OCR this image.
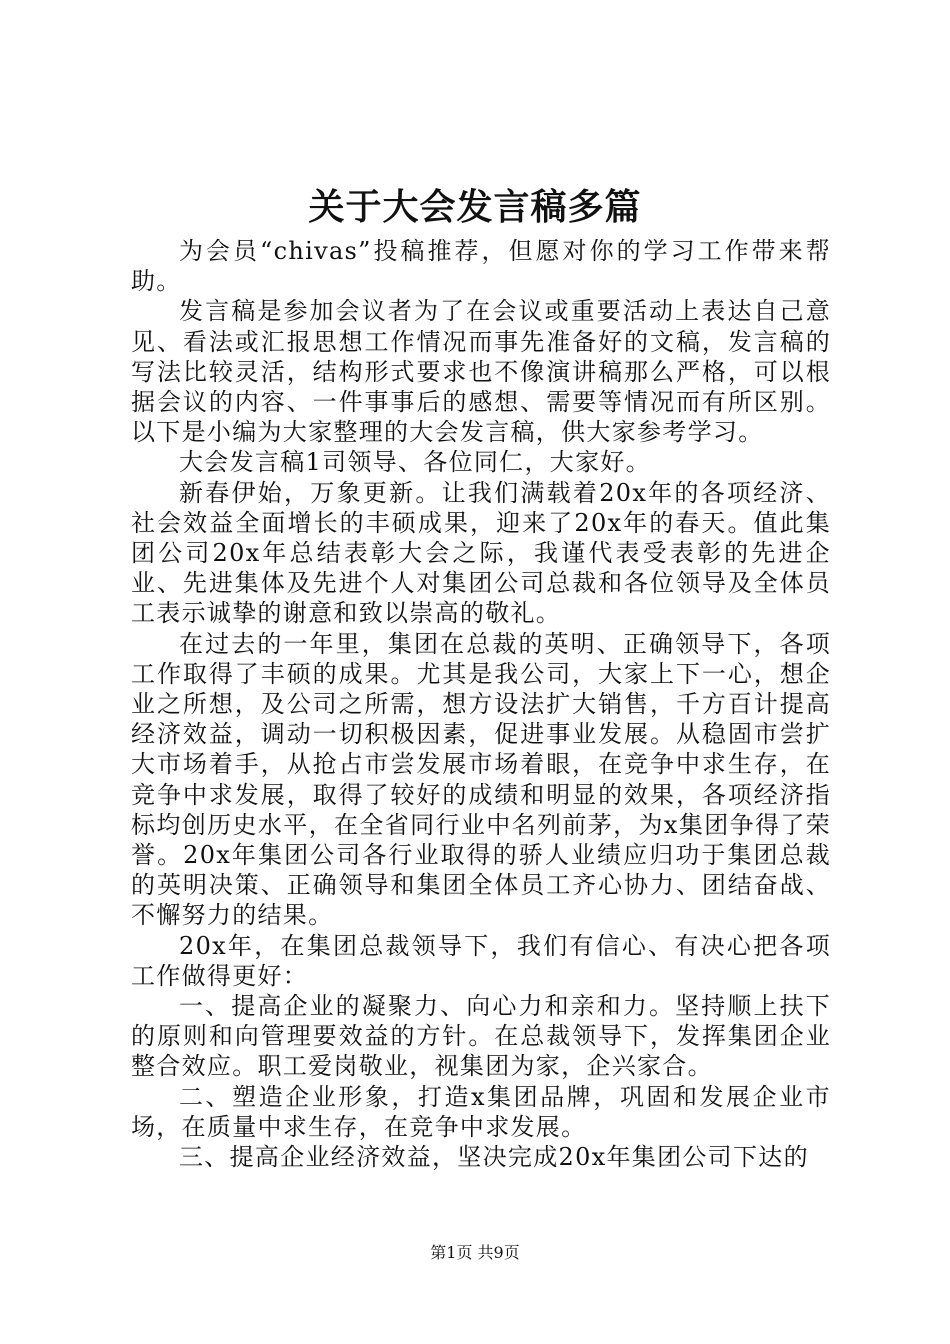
关于大会发言稿多篇

为会员“chivas”投稿推荐，但愿对你的学习工作带来帮助。

发言稿是参加会议者为了在会议或重要活动上表达自己意见、看法或汇报思想工作情况而事先准备好的文稿，发言稿的写法比较灵活，结构形式要求也不像演讲稿那么严格，可以根据会议的内容、一件事事后的感想、需要等情况而有所区别。以下是小编为大家整理的大会发言稿，供大家参考学习。

大会发言稿1司领导、各位同仁，大家好。

新春伊始，万象更新。让我们满载着20x年的各项经济、社会效益全面增长的丰硕成果，迎来了20x年的春天。值此集团公司20x年总结表彰大会之际，我谨代表受表彰的先进企业、先进集体及先进个人对集团公司总裁和各位领导及全体员工表示诚挚的谢意和致以崇高的敬礼。

在过去的一年里，集团在总裁的英明、正确领导下，各项工作取得了丰硕的成果。尤其是我公司，大家上下一心，想企业之所想，及公司之所需，想方设法扩大销售，千方百计提高经济效益，调动一切积极因素，促进事业发展。从稳固市尝扩大市场着手，从抢占市尝发展市场着眼，在竞争中求生存，在竞争中求发展，取得了较好的成绩和明显的效果，各项经济指标均创历史水平，在全省同行业中名列前茅，为x集团争得了荣誉。20x年集团公司各行业取得的骄人业绩应归功于集团总裁的英明决策、正确领导和集团全体员工齐心协力、团结奋战、不懈努力的结果。

20x年，在集团总裁领导下，我们有信心、有决心把各项工作做得更好：

一、提高企业的凝聚力、向心力和亲和力。坚持顺上扶下的原则和向管理要效益的方针。在总裁领导下，发挥集团企业整合效应。职工爱岗敬业，视集团为家，企兴家合。

二、塑造企业形象，打造x集团品牌，巩固和发展企业市场，在质量中求生存，在竞争中求发展。

三、提高企业经济效益，坚决完成20x年集团公司下达的

第1页 共9页
